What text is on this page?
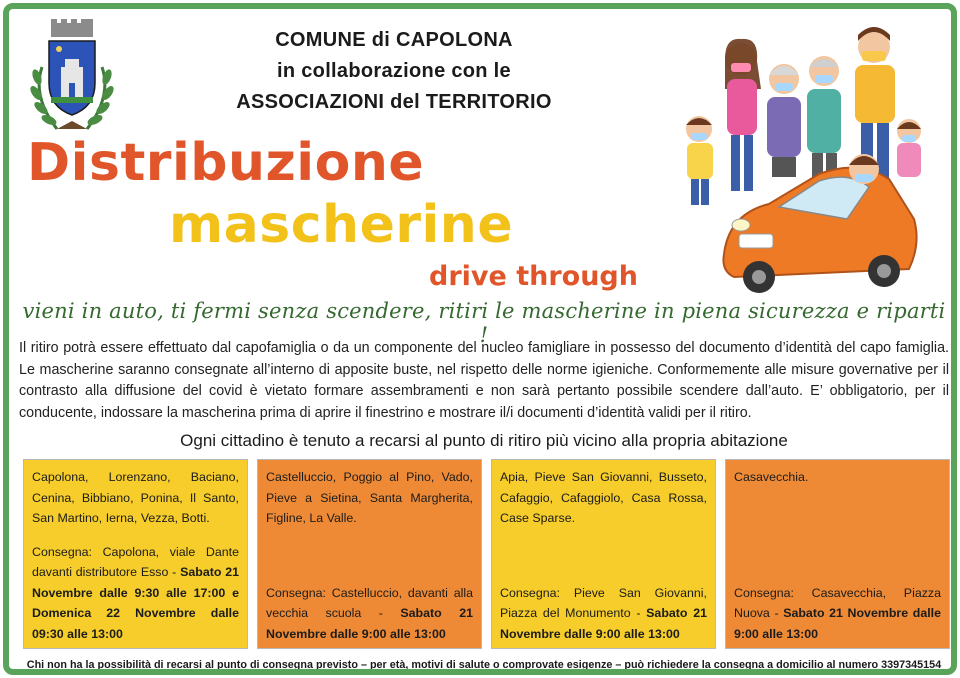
COMUNE di CAPOLONA
in collaborazione con le
ASSOCIAZIONI del TERRITORIO
Distribuzione
mascherine
drive through
vieni in auto, ti fermi senza scendere, ritiri le mascherine in piena sicurezza e riparti !
Il ritiro potrà essere effettuato dal capofamiglia o da un componente del nucleo famigliare in possesso del documento d’identità del capo famiglia. Le mascherine saranno consegnate all’interno di apposite buste, nel rispetto delle norme igieniche. Conformemente alle misure governative per il contrasto alla diffusione del covid è vietato formare assembramenti e non sarà pertanto possibile scendere dall’auto. E’ obbligatorio, per il conducente, indossare la mascherina prima di aprire il finestrino e mostrare il/i documenti d’identità validi per il ritiro.
Ogni cittadino è tenuto a recarsi al punto di ritiro più vicino alla propria abitazione
Capolona, Lorenzano, Baciano, Cenina, Bibbiano, Ponina, Il Santo, San Martino, Ierna, Vezza, Botti.
Consegna: Capolona, viale Dante davanti distributore Esso - Sabato 21 Novembre dalle 9:30 alle 17:00 e Domenica 22 Novembre dalle 09:30 alle 13:00
Castelluccio, Poggio al Pino, Vado, Pieve a Sietina, Santa Margherita, Figline, La Valle.
Consegna: Castelluccio, davanti alla vecchia scuola - Sabato 21 Novembre dalle 9:00 alle 13:00
Apia, Pieve San Giovanni, Busseto, Cafaggio, Cafaggiolo, Casa Rossa, Case Sparse.
Consegna: Pieve San Giovanni, Piazza del Monumento - Sabato 21 Novembre dalle 9:00 alle 13:00
Casavecchia.
Consegna: Casavecchia, Piazza Nuova - Sabato 21 Novembre dalle 9:00 alle 13:00
Chi non ha la possibilità di recarsi al punto di consegna previsto – per età, motivi di salute o comprovate esigenze – può richiedere la consegna a domicilio al numero 3397345154
